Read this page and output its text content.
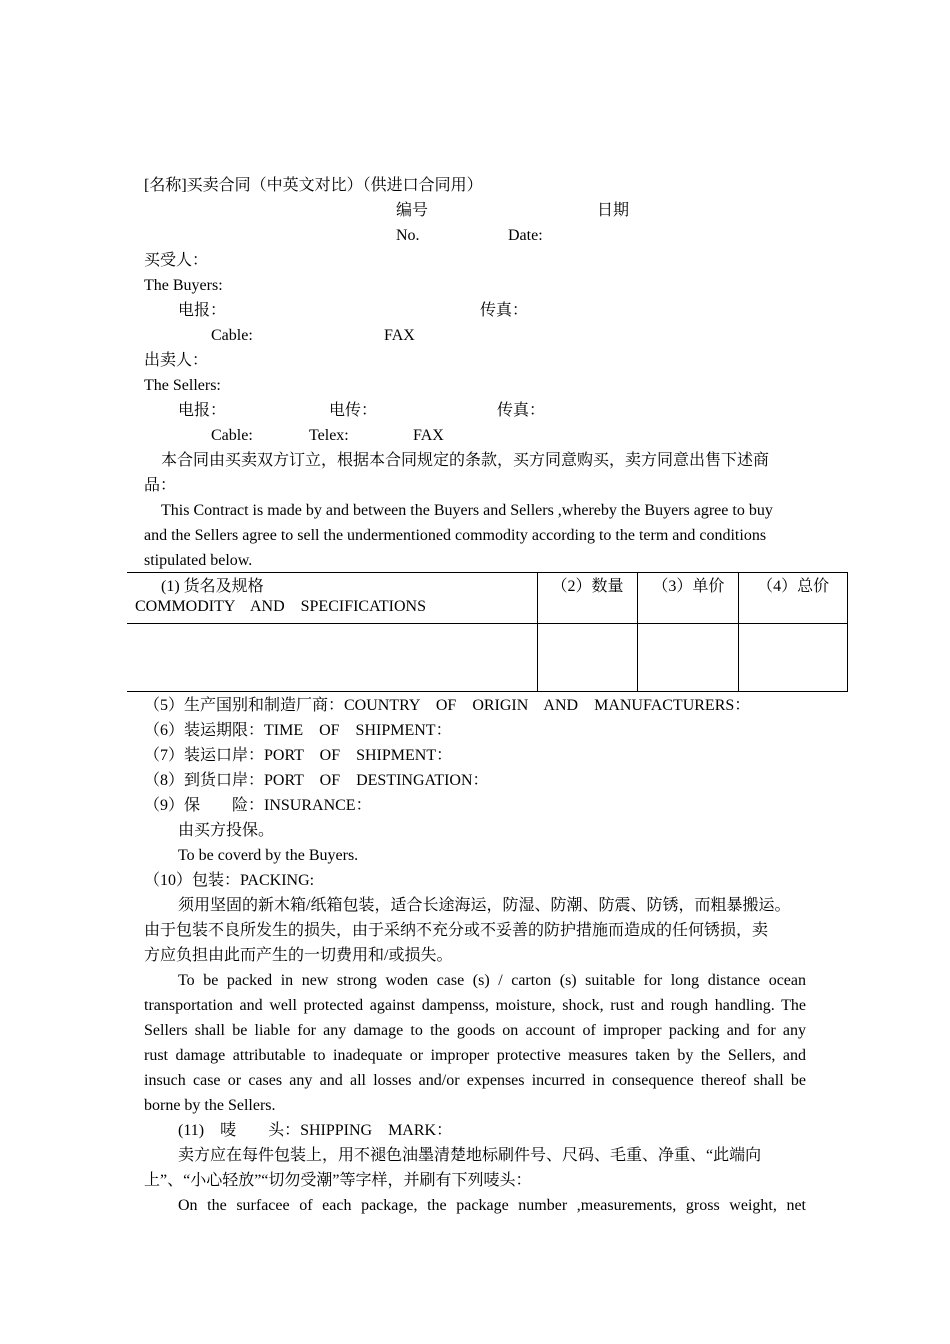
[名称]买卖合同（中英文对比）（供进口合同用）
编号	日期
No.	Date:
买受人：
The Buyers:
电报：	传真：
Cable:	FAX
出卖人：
The Sellers:
电报：	电传：	传真：
Cable:	Telex:	FAX
本合同由买卖双方订立，根据本合同规定的条款，买方同意购买，卖方同意出售下述商
品：
This Contract is made by and between the Buyers and Sellers ,whereby the Buyers agree to buy
and the Sellers agree to sell the undermentioned commodity according to the term and conditions
stipulated below.
(1) 货名及规格
COMMODITY    AND    SPECIFICATIONS	（2）数量	（3）单价	（4）总价

（5）生产国别和制造厂商：COUNTRY    OF    ORIGIN    AND    MANUFACTURERS：
（6）装运期限：TIME    OF    SHIPMENT：
（7）装运口岸：PORT    OF    SHIPMENT：
（8）到货口岸：PORT    OF    DESTINGATION：
（9）保        险：INSURANCE：
由买方投保。
To be coverd by the Buyers.
（10）包装：PACKING:
须用坚固的新木箱/纸箱包装，适合长途海运，防湿、防潮、防震、防锈，而粗暴搬运。
由于包装不良所发生的损失，由于采纳不充分或不妥善的防护措施而造成的任何锈损，卖
方应负担由此而产生的一切费用和/或损失。
To be packed in new strong woden case (s) / carton (s) suitable for long distance ocean
transportation and well protected against dampenss, moisture, shock, rust and rough handling. The
Sellers shall be liable for any damage to the goods on account of improper packing and for any
rust damage attributable to inadequate or improper protective measures taken by the Sellers, and
insuch case or cases any and all losses and/or expenses incurred in consequence thereof shall be
borne by the Sellers.
(11)    唛        头：SHIPPING    MARK：
卖方应在每件包装上，用不褪色油墨清楚地标刷件号、尺码、毛重、净重、“此端向
上”、“小心轻放”“切勿受潮”等字样，并刷有下列唛头：
On the surfacee of each package, the package number ,measurements, gross weight, net
